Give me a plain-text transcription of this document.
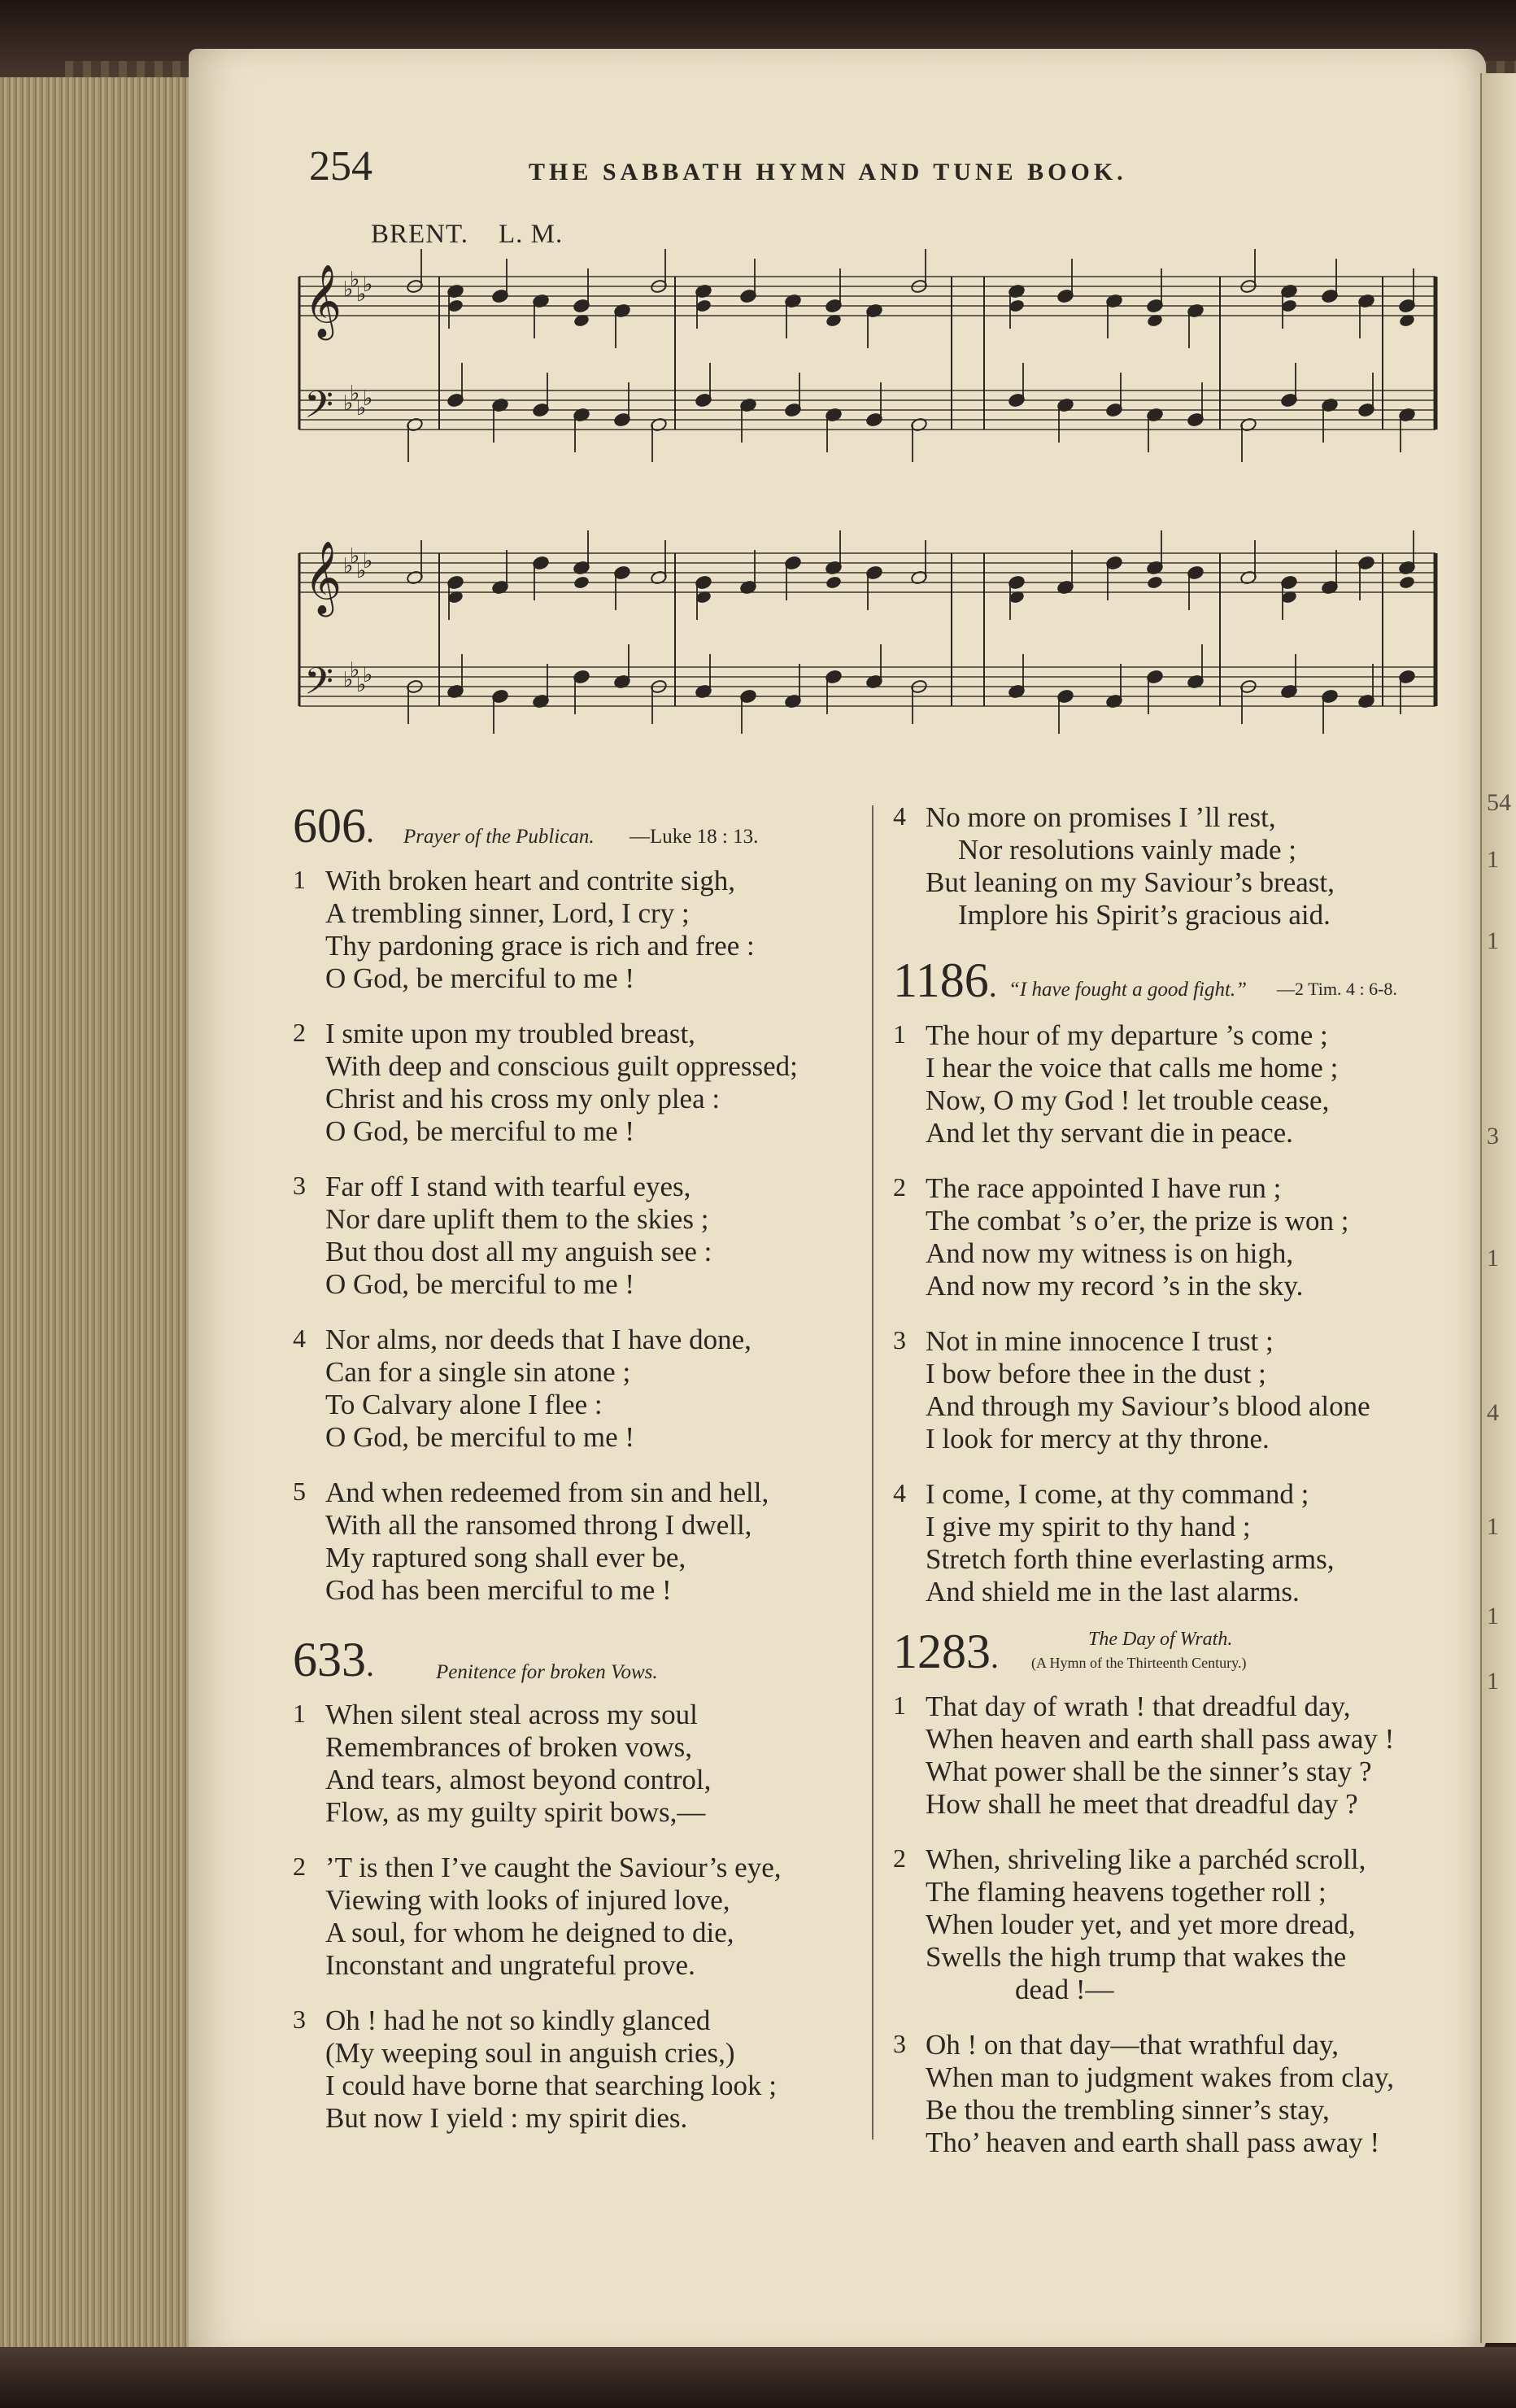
54
1
1
3
1
4
1
1
1
254	THE SABBATH HYMN AND TUNE BOOK.
BRENT. L. M.
𝄞 ♭
♭
♭
♭
𝄢 ♭
♭
♭
♭
𝄞 ♭
♭
♭
♭
𝄢 ♭
♭
♭
♭
606. Prayer of the Publican. —Luke 18 : 13.
1 With broken heart and contrite sigh,
A trembling sinner, Lord, I cry ;
Thy pardoning grace is rich and free :
O God, be merciful to me !
2 I smite upon my troubled breast,
With deep and conscious guilt oppressed;
Christ and his cross my only plea :
O God, be merciful to me !
3 Far off I stand with tearful eyes,
Nor dare uplift them to the skies ;
But thou dost all my anguish see :
O God, be merciful to me !
4 Nor alms, nor deeds that I have done,
Can for a single sin atone ;
To Calvary alone I flee :
O God, be merciful to me !
5 And when redeemed from sin and hell,
With all the ransomed throng I dwell,
My raptured song shall ever be,
God has been merciful to me !
633.	Penitence for broken Vows.
1 When silent steal across my soul
Remembrances of broken vows,
And tears, almost beyond control,
Flow, as my guilty spirit bows,—
2 ’T is then I’ve caught the Saviour’s eye,
Viewing with looks of injured love,
A soul, for whom he deigned to die,
Inconstant and ungrateful prove.
3 Oh ! had he not so kindly glanced
(My weeping soul in anguish cries,)
I could have borne that searching look ;
But now I yield : my spirit dies.
4 No more on promises I ’ll rest,
Nor resolutions vainly made ;
But leaning on my Saviour’s breast,
Implore his Spirit’s gracious aid.
1186. “I have fought a good fight.” —2 Tim. 4 : 6-8.
1 The hour of my departure ’s come ;
I hear the voice that calls me home ;
Now, O my God ! let trouble cease,
And let thy servant die in peace.
2 The race appointed I have run ;
The combat ’s o’er, the prize is won ;
And now my witness is on high,
And now my record ’s in the sky.
3 Not in mine innocence I trust ;
I bow before thee in the dust ;
And through my Saviour’s blood alone
I look for mercy at thy throne.
4 I come, I come, at thy command ;
I give my spirit to thy hand ;
Stretch forth thine everlasting arms,
And shield me in the last alarms.
1283.	The Day of Wrath.
(A Hymn of the Thirteenth Century.)
1 That day of wrath ! that dreadful day,
When heaven and earth shall pass away !
What power shall be the sinner’s stay ?
How shall he meet that dreadful day ?
2 When, shriveling like a parchéd scroll,
The flaming heavens together roll ;
When louder yet, and yet more dread,
Swells the high trump that wakes the
dead !—
3 Oh ! on that day—that wrathful day,
When man to judgment wakes from clay,
Be thou the trembling sinner’s stay,
Tho’ heaven and earth shall pass away !
